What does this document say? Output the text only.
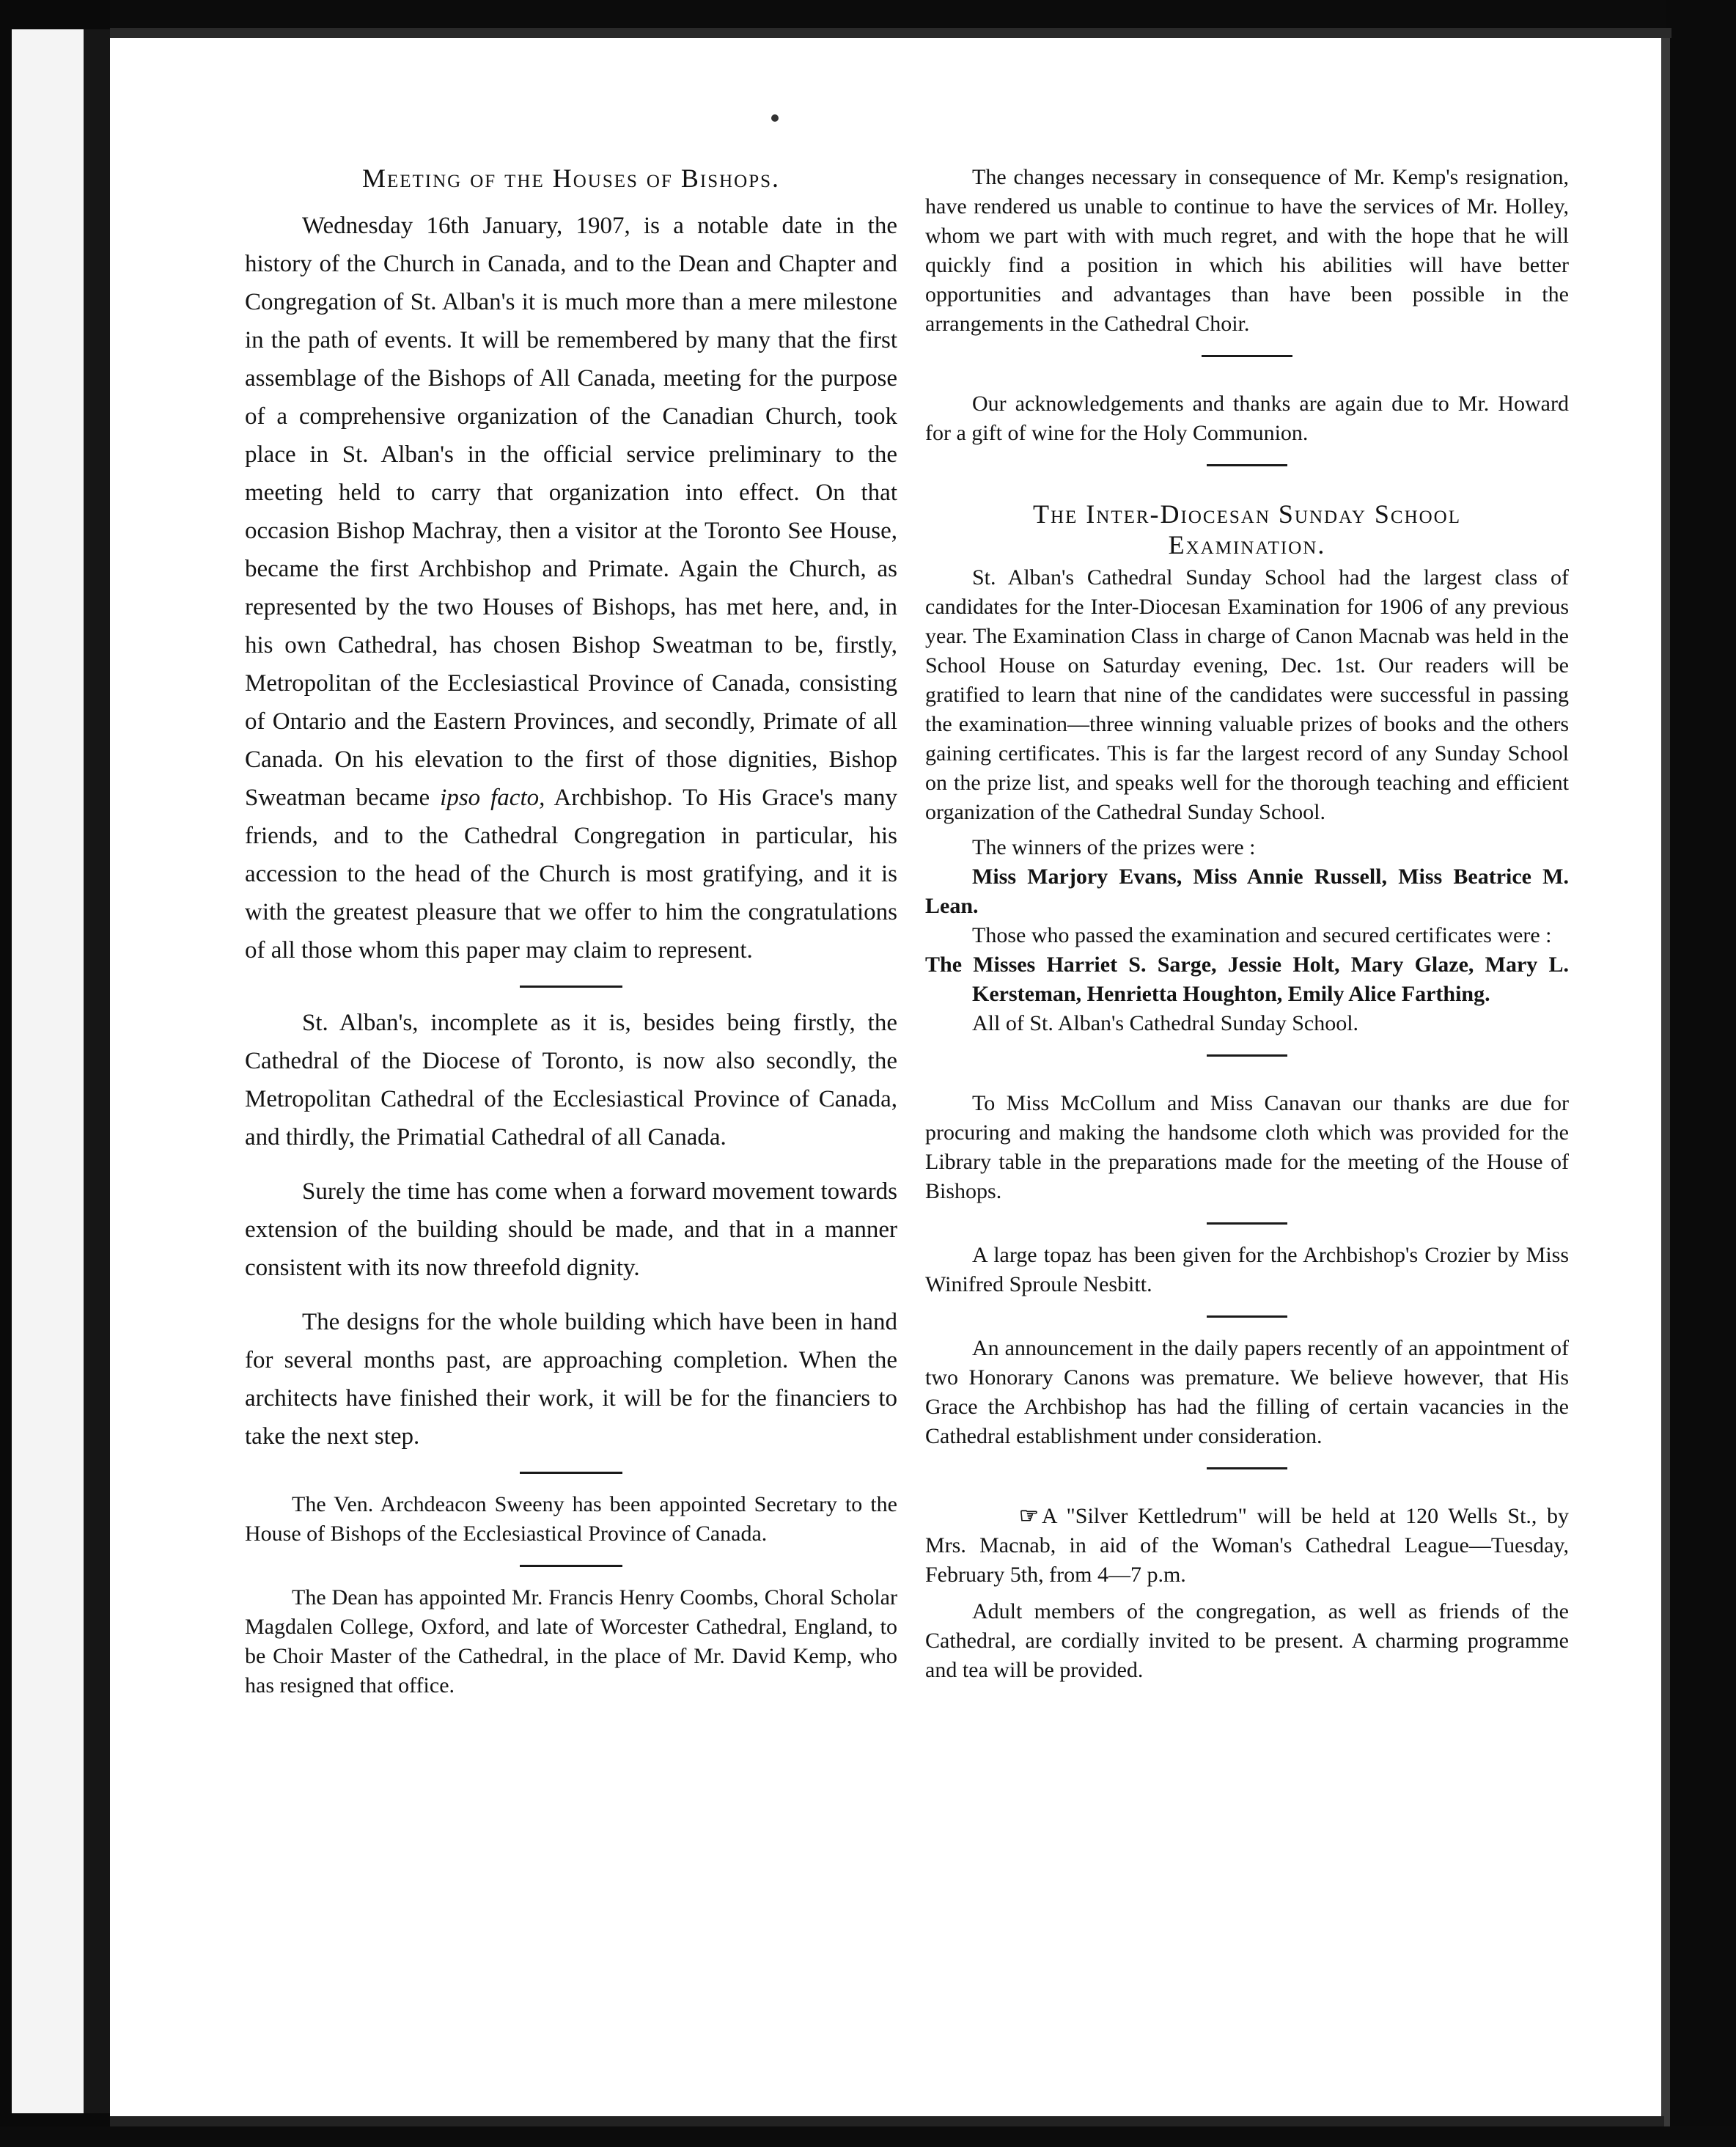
Meeting of the Houses of Bishops.

Wednesday 16th January, 1907, is a notable date in the history of the Church in Canada, and to the Dean and Chapter and Congregation of St. Alban's it is much more than a mere milestone in the path of events. It will be remembered by many that the first assemblage of the Bishops of All Canada, meeting for the purpose of a comprehensive organization of the Canadian Church, took place in St. Alban's in the official service preliminary to the meeting held to carry that organization into effect. On that occasion Bishop Machray, then a visitor at the Toronto See House, became the first Archbishop and Primate. Again the Church, as represented by the two Houses of Bishops, has met here, and, in his own Cathedral, has chosen Bishop Sweatman to be, firstly, Metropolitan of the Ecclesiastical Province of Canada, consisting of Ontario and the Eastern Provinces, and secondly, Primate of all Canada. On his elevation to the first of those dignities, Bishop Sweatman became ipso facto, Archbishop. To His Grace's many friends, and to the Cathedral Congregation in particular, his accession to the head of the Church is most gratifying, and it is with the greatest pleasure that we offer to him the congratulations of all those whom this paper may claim to represent.

St. Alban's, incomplete as it is, besides being firstly, the Cathedral of the Diocese of Toronto, is now also secondly, the Metropolitan Cathedral of the Ecclesiastical Province of Canada, and thirdly, the Primatial Cathedral of all Canada.

Surely the time has come when a forward movement towards extension of the building should be made, and that in a manner consistent with its now threefold dignity.

The designs for the whole building which have been in hand for several months past, are approaching completion. When the architects have finished their work, it will be for the financiers to take the next step.

The Ven. Archdeacon Sweeny has been appointed Secretary to the House of Bishops of the Ecclesiastical Province of Canada.

The Dean has appointed Mr. Francis Henry Coombs, Choral Scholar Magdalen College, Oxford, and late of Worcester Cathedral, England, to be Choir Master of the Cathedral, in the place of Mr. David Kemp, who has resigned that office.

The changes necessary in consequence of Mr. Kemp's resignation, have rendered us unable to continue to have the services of Mr. Holley, whom we part with with much regret, and with the hope that he will quickly find a position in which his abilities will have better opportunities and advantages than have been possible in the arrangements in the Cathedral Choir.

Our acknowledgements and thanks are again due to Mr. Howard for a gift of wine for the Holy Communion.

The Inter-Diocesan Sunday School
Examination.

St. Alban's Cathedral Sunday School had the largest class of candidates for the Inter-Diocesan Examination for 1906 of any previous year. The Examination Class in charge of Canon Macnab was held in the School House on Saturday evening, Dec. 1st. Our readers will be gratified to learn that nine of the candidates were successful in passing the examination—three winning valuable prizes of books and the others gaining certificates. This is far the largest record of any Sunday School on the prize list, and speaks well for the thorough teaching and efficient organization of the Cathedral Sunday School.

The winners of the prizes were :

Miss Marjory Evans, Miss Annie Russell, Miss Beatrice M. Lean.

Those who passed the examination and secured certificates were :

The Misses Harriet S. Sarge, Jessie Holt, Mary Glaze, Mary L. Kersteman, Henrietta Houghton, Emily Alice Farthing.

All of St. Alban's Cathedral Sunday School.

To Miss McCollum and Miss Canavan our thanks are due for procuring and making the handsome cloth which was provided for the Library table in the preparations made for the meeting of the House of Bishops.

A large topaz has been given for the Archbishop's Crozier by Miss Winifred Sproule Nesbitt.

An announcement in the daily papers recently of an appointment of two Honorary Canons was premature. We believe however, that His Grace the Archbishop has had the filling of certain vacancies in the Cathedral establishment under consideration.

☞ A "Silver Kettledrum" will be held at 120 Wells St., by Mrs. Macnab, in aid of the Woman's Cathedral League—Tuesday, February 5th, from 4—7 p.m.

Adult members of the congregation, as well as friends of the Cathedral, are cordially invited to be present. A charming programme and tea will be provided.
